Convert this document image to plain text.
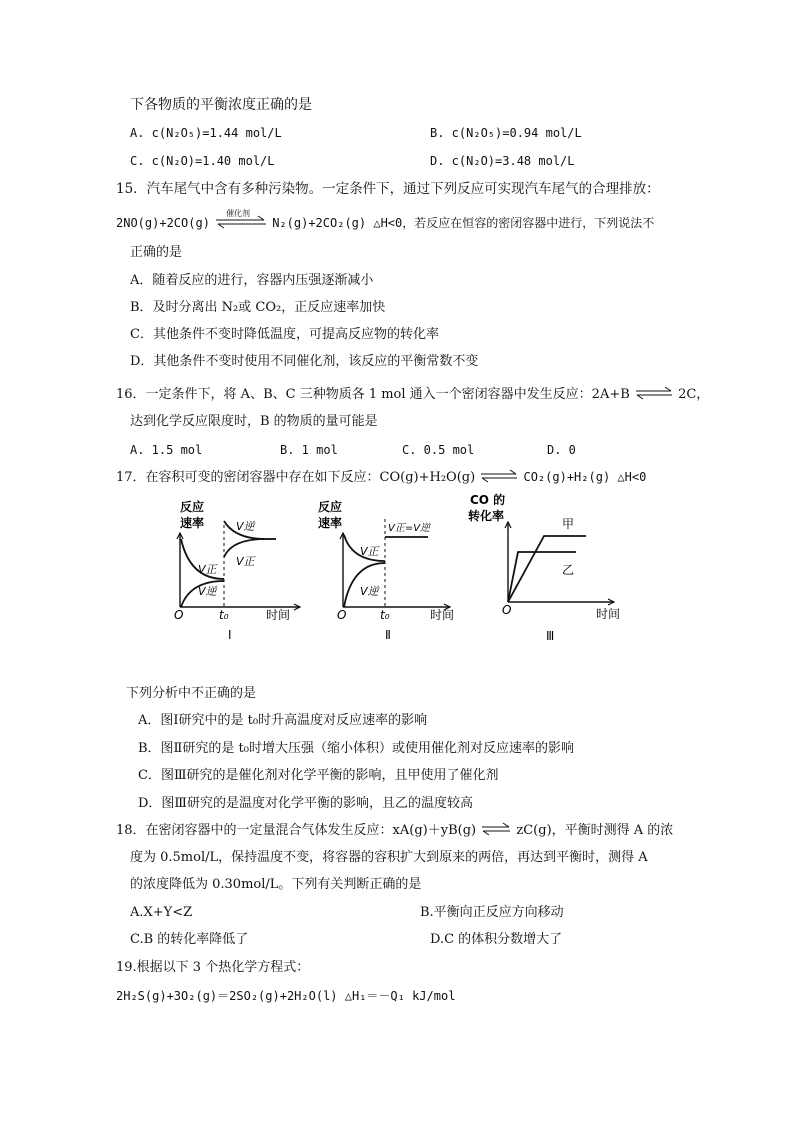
下各物质的平衡浓度正确的是
A. c(N₂O₅)=1.44 mol/L	B. c(N₂O₅)=0.94 mol/L
C. c(N₂O)=1.40 mol/L	D. c(N₂O)=3.48 mol/L
15．汽车尾气中含有多种污染物。一定条件下，通过下列反应可实现汽车尾气的合理排放：
2NO(g)+2CO(g)
催化剂
N₂(g)+2CO₂(g) △H<0，若反应在恒容的密闭容器中进行，下列说法不
正确的是
A．随着反应的进行，容器内压强逐渐减小
B．及时分离出 N₂或 CO₂，正反应速率加快
C．其他条件不变时降低温度，可提高反应物的转化率
D．其他条件不变时使用不同催化剂，该反应的平衡常数不变
16．一定条件下，将 A、B、C 三种物质各 1 mol 通入一个密闭容器中发生反应：2A+B	2C，
达到化学反应限度时，B 的物质的量可能是
A. 1.5 mol	B. 1 mol	C. 0.5 mol	D. 0
17．在容积可变的密闭容器中存在如下反应：CO(g)+H₂O(g)	CO₂(g)+H₂(g) △H<0
反应
速率	V逆
V正
V正
V逆
O	t₀	时间
Ⅰ
反应
速率	V正=V逆
V正
V逆
O	t₀	时间
Ⅱ
CO 的
转化率
甲
乙
O	时间
Ⅲ
下列分析中不正确的是
A．图Ⅰ研究中的是 t₀时升高温度对反应速率的影响
B．图Ⅱ研究的是 t₀时增大压强（缩小体积）或使用催化剂对反应速率的影响
C．图Ⅲ研究的是催化剂对化学平衡的影响，且甲使用了催化剂
D．图Ⅲ研究的是温度对化学平衡的影响，且乙的温度较高
18．在密闭容器中的一定量混合气体发生反应：xA(g)＋yB(g)	zC(g)，平衡时测得 A 的浓
度为 0.5mol/L，保持温度不变，将容器的容积扩大到原来的两倍，再达到平衡时，测得 A
的浓度降低为 0.30mol/L。下列有关判断正确的是
A.X+Y<Z	B.平衡向正反应方向移动
C.B 的转化率降低了	D.C 的体积分数增大了
19.根据以下 3 个热化学方程式：
2H₂S(g)+3O₂(g)＝2SO₂(g)+2H₂O(l) △H₁＝－Q₁ kJ/mol
